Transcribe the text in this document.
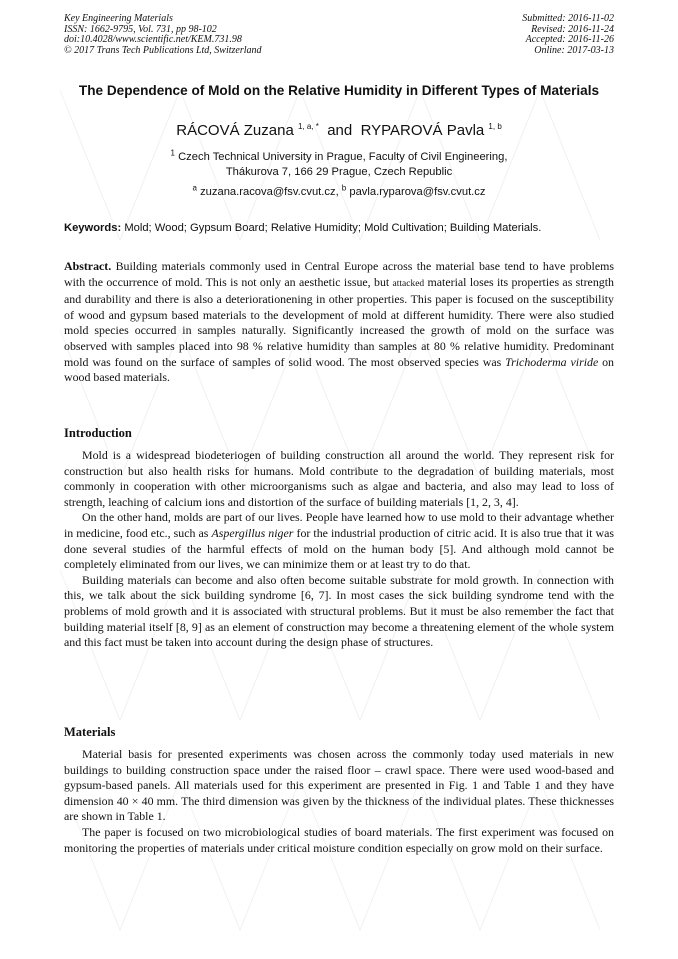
Key Engineering Materials
ISSN: 1662-9795, Vol. 731, pp 98-102
doi:10.4028/www.scientific.net/KEM.731.98
© 2017 Trans Tech Publications Ltd, Switzerland
Submitted: 2016-11-02
Revised: 2016-11-24
Accepted: 2016-11-26
Online: 2017-03-13
The Dependence of Mold on the Relative Humidity in Different Types of Materials
RÁCOVÁ Zuzana $^{1, a, *}$  and  RYPAROVÁ Pavla $^{1, b}$
$^1$ Czech Technical University in Prague, Faculty of Civil Engineering,
Thákurova 7, 166 29 Prague, Czech Republic
$^a$ zuzana.racova@fsv.cvut.cz, $^b$ pavla.ryparova@fsv.cvut.cz
Keywords: Mold; Wood; Gypsum Board; Relative Humidity; Mold Cultivation; Building Materials.
Abstract. Building materials commonly used in Central Europe across the material base tend to have problems with the occurrence of mold. This is not only an aesthetic issue, but attacked material loses its properties as strength and durability and there is also a deteriorationening in other properties. This paper is focused on the susceptibility of wood and gypsum based materials to the development of mold at different humidity. There were also studied mold species occurred in samples naturally. Significantly increased the growth of mold on the surface was observed with samples placed into 98 % relative humidity than samples at 80 % relative humidity. Predominant mold was found on the surface of samples of solid wood. The most observed species was Trichoderma viride on wood based materials.
Introduction

Mold is a widespread biodeteriogen of building construction all around the world. They represent risk for construction but also health risks for humans. Mold contribute to the degradation of building materials, most commonly in cooperation with other microorganisms such as algae and bacteria, and also may lead to loss of strength, leaching of calcium ions and distortion of the surface of building materials [1, 2, 3, 4].

On the other hand, molds are part of our lives. People have learned how to use mold to their advantage whether in medicine, food etc., such as Aspergillus niger for the industrial production of citric acid. It is also true that it was done several studies of the harmful effects of mold on the human body [5]. And although mold cannot be completely eliminated from our lives, we can minimize them or at least try to do that.

Building materials can become and also often become suitable substrate for mold growth. In connection with this, we talk about the sick building syndrome [6, 7]. In most cases the sick building syndrome tend with the problems of mold growth and it is associated with structural problems. But it must be also remember the fact that building material itself [8, 9] as an element of construction may become a threatening element of the whole system and this fact must be taken into account during the design phase of structures.

Materials

Material basis for presented experiments was chosen across the commonly today used materials in new buildings to building construction space under the raised floor – crawl space. There were used wood-based and gypsum-based panels. All materials used for this experiment are presented in Fig. 1 and Table 1 and they have dimension 40 × 40 mm. The third dimension was given by the thickness of the individual plates. These thicknesses are shown in Table 1.

The paper is focused on two microbiological studies of board materials. The first experiment was focused on monitoring the properties of materials under critical moisture condition especially on grow mold on their surface.
